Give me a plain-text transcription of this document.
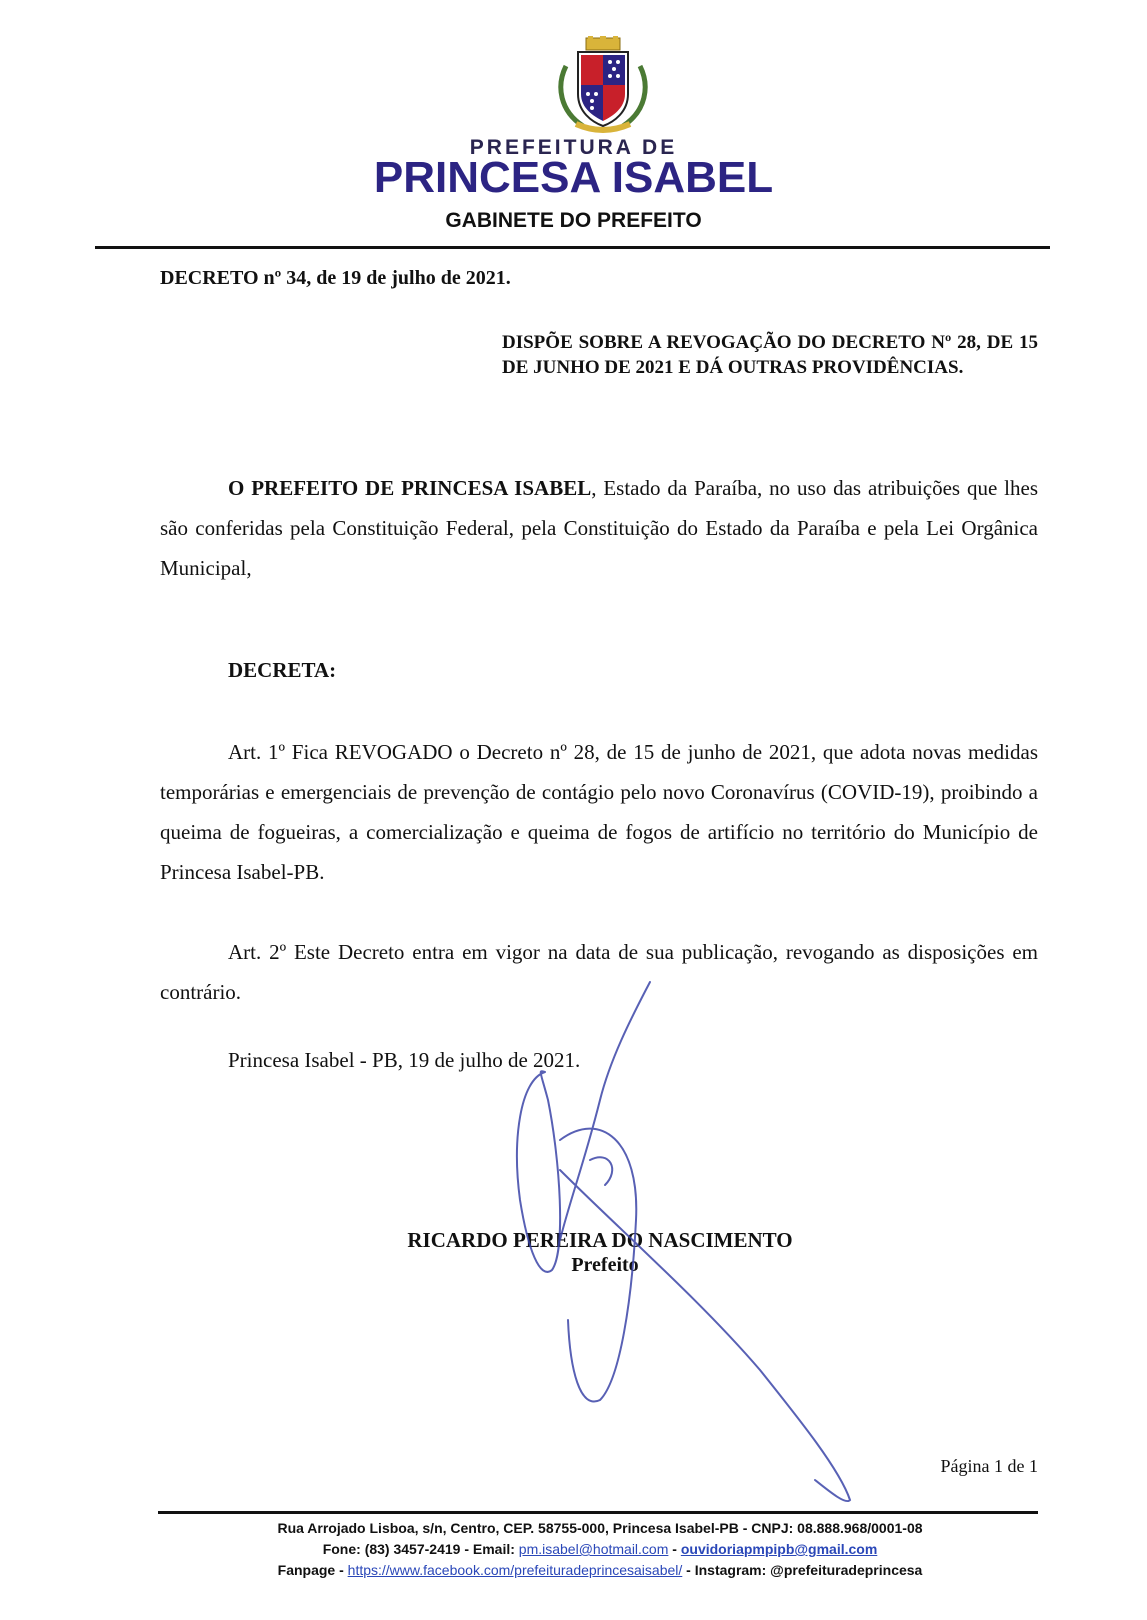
PREFEITURA DE
PRINCESA ISABEL
GABINETE DO PREFEITO
DECRETO nº 34, de 19 de julho de 2021.
DISPÕE SOBRE A REVOGAÇÃO DO DECRETO Nº 28, DE 15 DE JUNHO DE 2021 E DÁ OUTRAS PROVIDÊNCIAS.
O PREFEITO DE PRINCESA ISABEL, Estado da Paraíba, no uso das atribuições que lhes são conferidas pela Constituição Federal, pela Constituição do Estado da Paraíba e pela Lei Orgânica Municipal,
DECRETA:
Art. 1º Fica REVOGADO o Decreto nº 28, de 15 de junho de 2021, que adota novas medidas temporárias e emergenciais de prevenção de contágio pelo novo Coronavírus (COVID-19), proibindo a queima de fogueiras, a comercialização e queima de fogos de artifício no território do Município de Princesa Isabel-PB.
Art. 2º Este Decreto entra em vigor na data de sua publicação, revogando as disposições em contrário.
Princesa Isabel - PB, 19 de julho de 2021.
RICARDO PEREIRA DO NASCIMENTO
Prefeito
Página 1 de 1
Rua Arrojado Lisboa, s/n, Centro, CEP. 58755-000, Princesa Isabel-PB - CNPJ: 08.888.968/0001-08
Fone: (83) 3457-2419 - Email: pm.isabel@hotmail.com - ouvidoriapmpipb@gmail.com
Fanpage - https://www.facebook.com/prefeituradeprincesaisabel/ - Instagram: @prefeituradeprincesa
